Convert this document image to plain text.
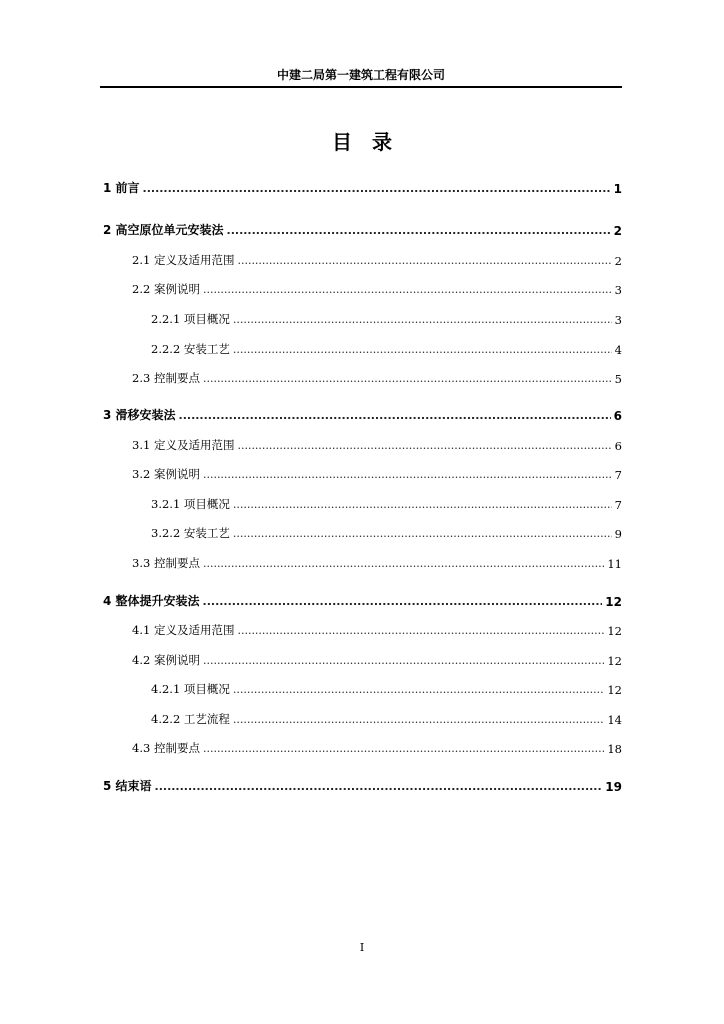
中建二局第一建筑工程有限公司
目录
1 前言 .....	1
2 高空原位单元安装法 .....	2
2.1 定义及适用范围 .....	2
2.2 案例说明 .....	3
2.2.1 项目概况 .....	3
2.2.2 安装工艺 .....	4
2.3 控制要点 .....	5
3 滑移安装法 .....	6
3.1 定义及适用范围 .....	6
3.2 案例说明 .....	7
3.2.1 项目概况 .....	7
3.2.2 安装工艺 .....	9
3.3 控制要点 .....	11
4 整体提升安装法 .....	12
4.1 定义及适用范围 .....	12
4.2 案例说明 .....	12
4.2.1 项目概况 .....	12
4.2.2 工艺流程 .....	14
4.3 控制要点 .....	18
5 结束语 .....	19
I
